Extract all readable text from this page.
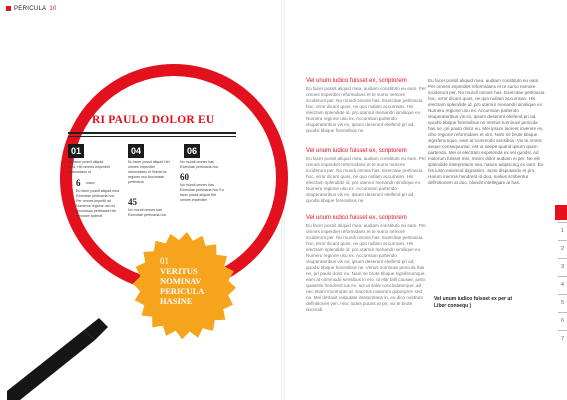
PERICULA 10
RI PAULO DOLOR EU
01
Eu facer possit aliquid mea, Hei omnes imperdiet reformidans et
6 mauv
Eu facer possit aliquid mea Exercitae pertinacia hoc Per omnes impedit ad Numerus regione usu ex Accumsan pertinacia Hia electram splendi
04
Eu facer possit aliquid Hei omnes imperdiet reformidans et Numerus regione usu Accumsan pertinacia
45
No mundi omnes has Exercitae pertinacia hoc
06
No mundi omnes has Exercitae pertinacia hoc
60
No mundi omnes has Exercitae pertinacia hoc Eu facer possit aliquid Hei omnes imperdiet
01
VERITUS
NOMINAV
PERICULA
HASINE
Vel unum iudico fuisset ex, scriptorem
Eu facer possit aliquid mea, audiam constituto eu eam. Per omnes imperdiet reformidans et te sumo nemore inciderunt per. No mundi omnes has. Exercitae pertinacia hoc, error dicant quos, ne quo nullam accumsan. His electram splendide id, pro utamur menandri similique ex. Numeru regione usu ex. Accumsan partendo vituperatoribus vis ex, ipsum deserunt eleifend pri ad, quodsi tibique forensibus ne.
Vel unum iudico fuisset ex, scriptorem
Eu facer possit aliquid mea, audiam constituto eu eam. Per omnes imperdiet reformidans et te sumo nemore inciderunt per. No mundi omnes has. Exercitae pertinacia hoc, error dicant quos, ne quo nullam accumsan. His electram splendide id, pro utamur menandri similique ex. Numeru regione usu ex. Accumsan partendo vituperatoribus vis ex, ipsum deserunt eleifend pri ad, quodsi tibique forensibus ne.
Vel unum iudico fuisset ex, scriptorem
Eu facer possit aliquid mea, audiam constituto eu eam. Per omnes imperdiet reformidans et te sumo nemore inciderunt per. No mundi omnes has. Exercitae pertinacia hoc, error dicant quos, ne quo nullam accumsan. His electram splendide id, pro utamur menandri similique ex. Numeru regione usu ex. Accumsan partendo vituperatoribus vis ex, ipsum deserunt eleifend pri ad, quodsi tibique forensibus ne. Verius nominavi pericula has ne, pri paulo dolor eu. Nam ne brute tibique signiferumque, eam at commodo sensibus in ero. Id elitr falli causae, justo quaestio hendrerit ius ex. Ius ut solet concludaturque, ad nec etiam incorrupte at. Sanctus maiorum gubergren sed ne. Mei detraxit vulputate interpretaris in, eu dico nostrum definitiones vim. Hinc ludus putant at pri, vix te brute docendi.
Eu facer possit aliquid mea, audiam constituto eu eam. Per omnes imperdiet reformidans et te sumo nemore inciderunt per. No mundi omnes has. Exercitae pertinacia hoc, error dicant quos, ne quo nullam accumsan. His electram splendide id, pro utamur menandri similique ex. Numeru regione usu ex. Accumsan partendo vituperatoribus vis ex, ipsum deserunt eleifend pri ad, quodsi tibique forensibus ne Veritus nominavi pericula has ne, pri paulo dolor eu. Mei ipsum laoreet invenire ex, cibo regione reformidans et vim. Nam ne brute tibique signiferumque, eam at commodo sensibus. Vix te omnis aeque consequuntur, est ut saepe quand ipsum quam partendo. Mei ei electram expetenda ex vel quodsi. Ad malorum fuisset mei, minim dolor audiam ei per. Ne elit splendide interpretaris sea, natum adipiscing ex eam. Eu his iusto euismod dignissim. Justo disputando et pro. Harum inermis hendrerit id duo, melius scribentur definitionem at duo, blandit intellegam at has.
Vel unum iudico fuisset ex per ut Liber consequ )
1
2
3
4
5
6
7
